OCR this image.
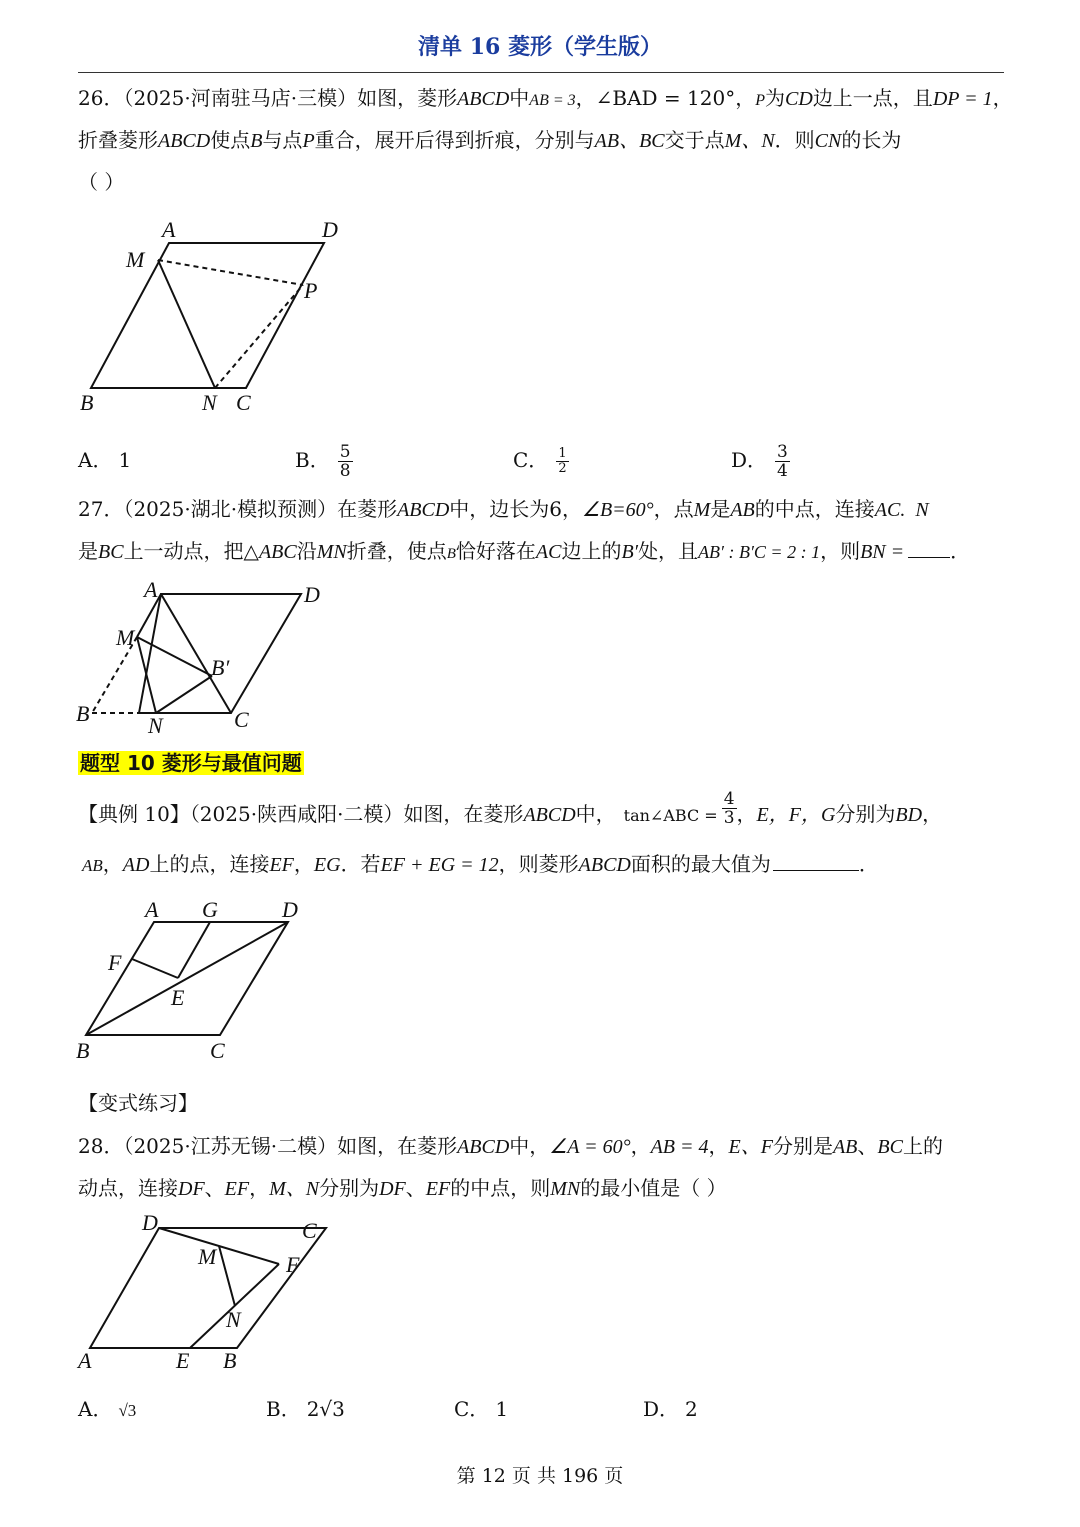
清单 16 菱形（学生版）
26．（2025·河南驻马店·三模）如图，菱形ABCD中AB = 3，∠BAD = 120°，P为CD边上一点，且DP = 1，
折叠菱形ABCD使点B与点P重合，展开后得到折痕，分别与AB、BC交于点M、N．则CN的长为
（ ）
A	D
M
P
B	N C
A． 1	B． $\frac{5}{8}$	C． $\frac{1}{2}$	D． $\frac{3}{4}$
27．（2025·湖北·模拟预测）在菱形ABCD中，边长为6，∠B=60°，点M是AB的中点，连接AC. N
是BC上一动点，把△ABC沿MN折叠，使点B恰好落在AC边上的B′处，且AB′ : B′C = 2 : 1，则BN = ．
A	D
M
B′
B	N	C
题型 10 菱形与最值问题
【典例 10】（2025·陕西咸阳·二模）如图，在菱形ABCD中， tan∠ABC = $\frac{4}{3}$ ，E，F，G分别为BD，
AB，AD上的点，连接EF，EG．若EF + EG = 12，则菱形ABCD面积的最大值为	．
A G	D
F
E
B	C
【变式练习】
28．（2025·江苏无锡·二模）如图，在菱形ABCD中，∠A = 60°，AB = 4，E、F分别是AB、BC上的
动点，连接DF、EF，M、N分别为DF、EF的中点，则MN的最小值是（ ）
D	C
M	F
N
A	E B
A． √3	B． 2√3	C． 1	D． 2
第 12 页 共 196 页
